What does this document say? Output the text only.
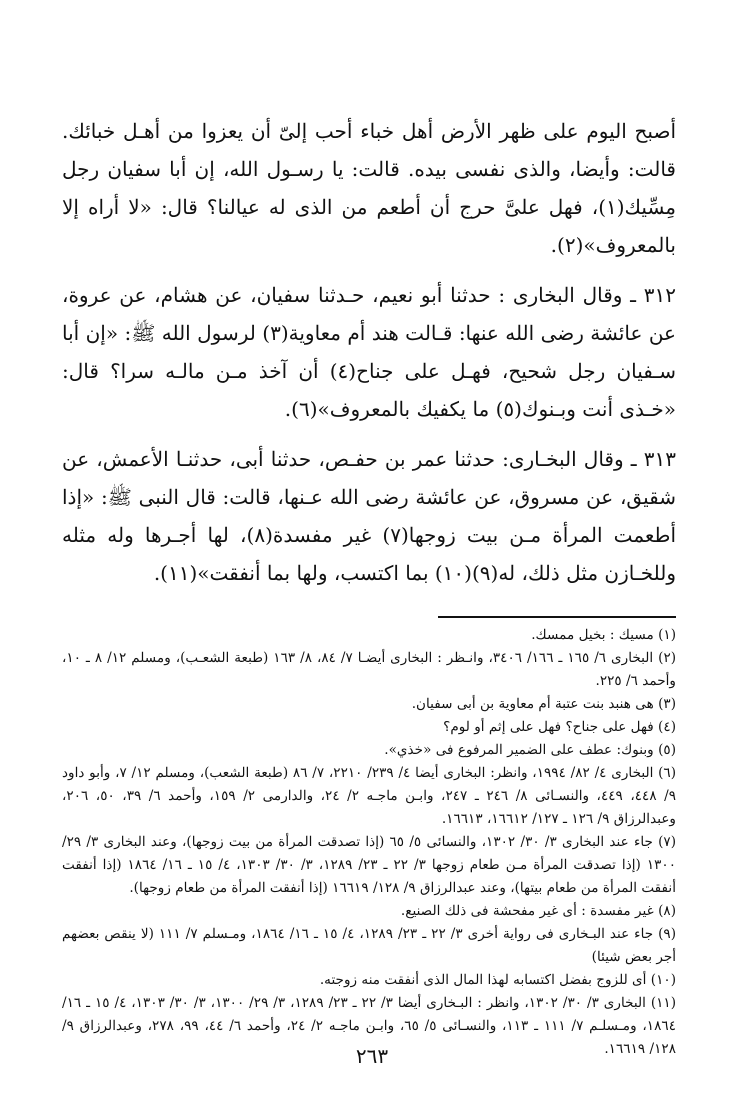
أصبح اليوم على ظهر الأرض أهل خباء أحب إلىّ أن يعزوا من أهـل خبائك. قالت: وأيضا، والذى نفسى بيده. قالت: يا رسـول الله، إن أبا سفيان رجل مِسِّيك(١)، فهل علىَّ حرج أن أطعم من الذى له عيالنا؟ قال: «لا أراه إلا بالمعروف»(٢).

٣١٢ ـ وقال البخارى : حدثنا أبو نعيم، حـدثنا سفيان، عن هشام، عن عروة، عن عائشة رضى الله عنها: قـالت هند أم معاوية(٣) لرسول الله ﷺ: «إن أبا سـفيان رجل شحيح، فهـل على جناح(٤) أن آخذ مـن مالـه سرا؟ قال: «خـذى أنت وبـنوك(٥) ما يكفيك بالمعروف»(٦).

٣١٣ ـ وقال البخـارى: حدثنا عمر بن حفـص، حدثنا أبى، حدثنـا الأعمش، عن شقيق، عن مسروق، عن عائشة رضى الله عـنها، قالت: قال النبى ﷺ: «إذا أطعمت المرأة مـن بيت زوجها(٧) غير مفسدة(٨)، لها أجـرها وله مثله وللخـازن مثل ذلك، له(٩)(١٠) بما اكتسب، ولها بما أنفقت»(١١).

(١) مسيك : بخيل ممسك.
(٢) البخارى ٦/ ١٦٥ ـ ١٦٦/ ٣٤٠٦، وانـظر : البخارى أيضـا ٧/ ٨٤، ٨/ ١٦٣ (طبعة الشعـب)، ومسلم ١٢/ ٨ ـ ١٠، وأحمد ٦/ ٢٢٥.
(٣) هى هنبد بنت عتبة أم معاوية بن أبى سفيان.
(٤) فهل على جناح؟ فهل على إثم أو لوم؟
(٥) وبنوك: عطف على الضمير المرفوع فى «خذي».
(٦) البخارى ٤/ ٨٢/ ١٩٩٤، وانظر: البخارى أيضا ٤/ ٢٣٩/ ٢٢١٠، ٧/ ٨٦ (طبعة الشعب)، ومسلم ١٢/ ٧، وأبو داود ٩/ ٤٤٨، ٤٤٩، والنسـائى ٨/ ٢٤٦ ـ ٢٤٧، وابـن ماجـه ٢/ ٢٤، والدارمى ٢/ ١٥٩، وأحمد ٦/ ٣٩، ٥٠، ٢٠٦، وعبدالرزاق ٩/ ١٢٦ ـ ١٢٧/ ١٦٦١٢، ١٦٦١٣.
(٧) جاء عند البخارى ٣/ ٣٠/ ١٣٠٢، والنسائى ٥/ ٦٥ (إذا تصدقت المرأة من بيت زوجها)، وعند البخارى ٣/ ٢٩/ ١٣٠٠ (إذا تصدقت المرأة مـن طعام زوجها ٣/ ٢٢ ـ ٢٣/ ١٢٨٩، ٣/ ٣٠/ ١٣٠٣، ٤/ ١٥ ـ ١٦/ ١٨٦٤ (إذا أنفقت أنفقت المرأة من طعام بيتها)، وعند عبدالرزاق ٩/ ١٢٨/ ١٦٦١٩ (إذا أنفقت المرأة من طعام زوجها).
(٨) غير مفسدة : أى غير مفحشة فى ذلك الصنيع.
(٩) جاء عند البـخارى فى رواية أخرى ٣/ ٢٢ ـ ٢٣/ ١٢٨٩، ٤/ ١٥ ـ ١٦/ ١٨٦٤، ومـسلم ٧/ ١١١ (لا ينقص بعضهم أجر بعض شيئا)
(١٠) أى للزوج بفضل اكتسابه لهذا المال الذى أنفقت منه زوجته.
(١١) البخارى ٣/ ٣٠/ ١٣٠٢، وانظر : البـخارى أيضا ٣/ ٢٢ ـ ٢٣/ ١٢٨٩، ٣/ ٢٩/ ١٣٠٠، ٣/ ٣٠/ ١٣٠٣، ٤/ ١٥ ـ ١٦/ ١٨٦٤، ومـسلـم ٧/ ١١١ ـ ١١٣، والنسـائى ٥/ ٦٥، وابـن ماجـه ٢/ ٢٤، وأحمد ٦/ ٤٤، ٩٩، ٢٧٨، وعبدالرزاق ٩/ ١٢٨/ ١٦٦١٩.
٢٦٣
